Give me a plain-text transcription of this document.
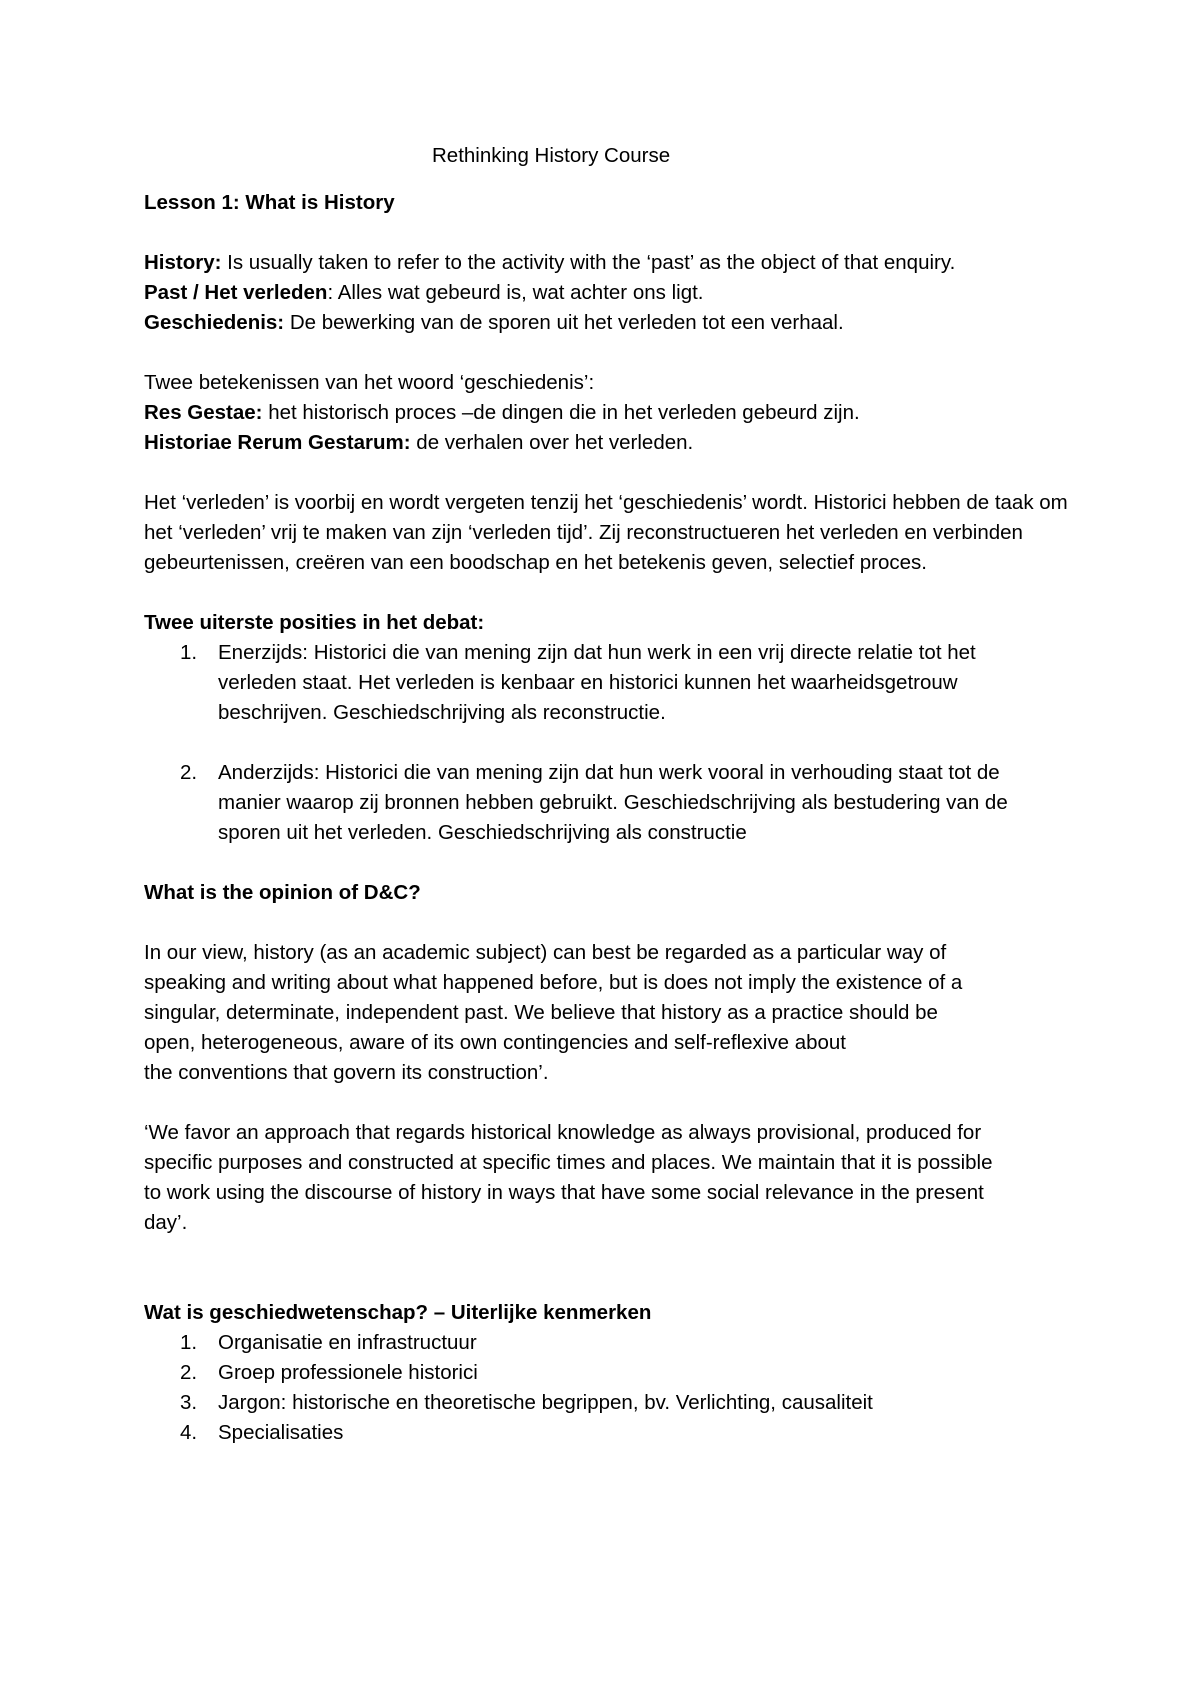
Rethinking History Course
Lesson 1: What is History
History: Is usually taken to refer to the activity with the ‘past’ as the object of that enquiry.
Past / Het verleden: Alles wat gebeurd is, wat achter ons ligt.
Geschiedenis: De bewerking van de sporen uit het verleden tot een verhaal.
Twee betekenissen van het woord ‘geschiedenis’:
Res Gestae: het historisch proces –de dingen die in het verleden gebeurd zijn.
Historiae Rerum Gestarum: de verhalen over het verleden.
Het ‘verleden’ is voorbij en wordt vergeten tenzij het ‘geschiedenis’ wordt. Historici hebben de taak om het ‘verleden’ vrij te maken van zijn ‘verleden tijd’. Zij reconstructueren het verleden en verbinden gebeurtenissen, creëren van een boodschap en het betekenis geven, selectief proces.
Twee uiterste posities in het debat:
1. Enerzijds: Historici die van mening zijn dat hun werk in een vrij directe relatie tot het verleden staat. Het verleden is kenbaar en historici kunnen het waarheidsgetrouw beschrijven. Geschiedschrijving als reconstructie.
2. Anderzijds: Historici die van mening zijn dat hun werk vooral in verhouding staat tot de manier waarop zij bronnen hebben gebruikt. Geschiedschrijving als bestudering van de sporen uit het verleden. Geschiedschrijving als constructie
What is the opinion of D&C?
In our view, history (as an academic subject) can best be regarded as a particular way of
speaking and writing about what happened before, but is does not imply the existence of a
singular, determinate, independent past. We believe that history as a practice should be
open, heterogeneous, aware of its own contingencies and self-reflexive about
the conventions that govern its construction’.
‘We favor an approach that regards historical knowledge as always provisional, produced for
specific purposes and constructed at specific times and places. We maintain that it is possible
to work using the discourse of history in ways that have some social relevance in the present
day’.
Wat is geschiedwetenschap? – Uiterlijke kenmerken
1. Organisatie en infrastructuur
2. Groep professionele historici
3. Jargon: historische en theoretische begrippen, bv. Verlichting, causaliteit
4. Specialisaties
